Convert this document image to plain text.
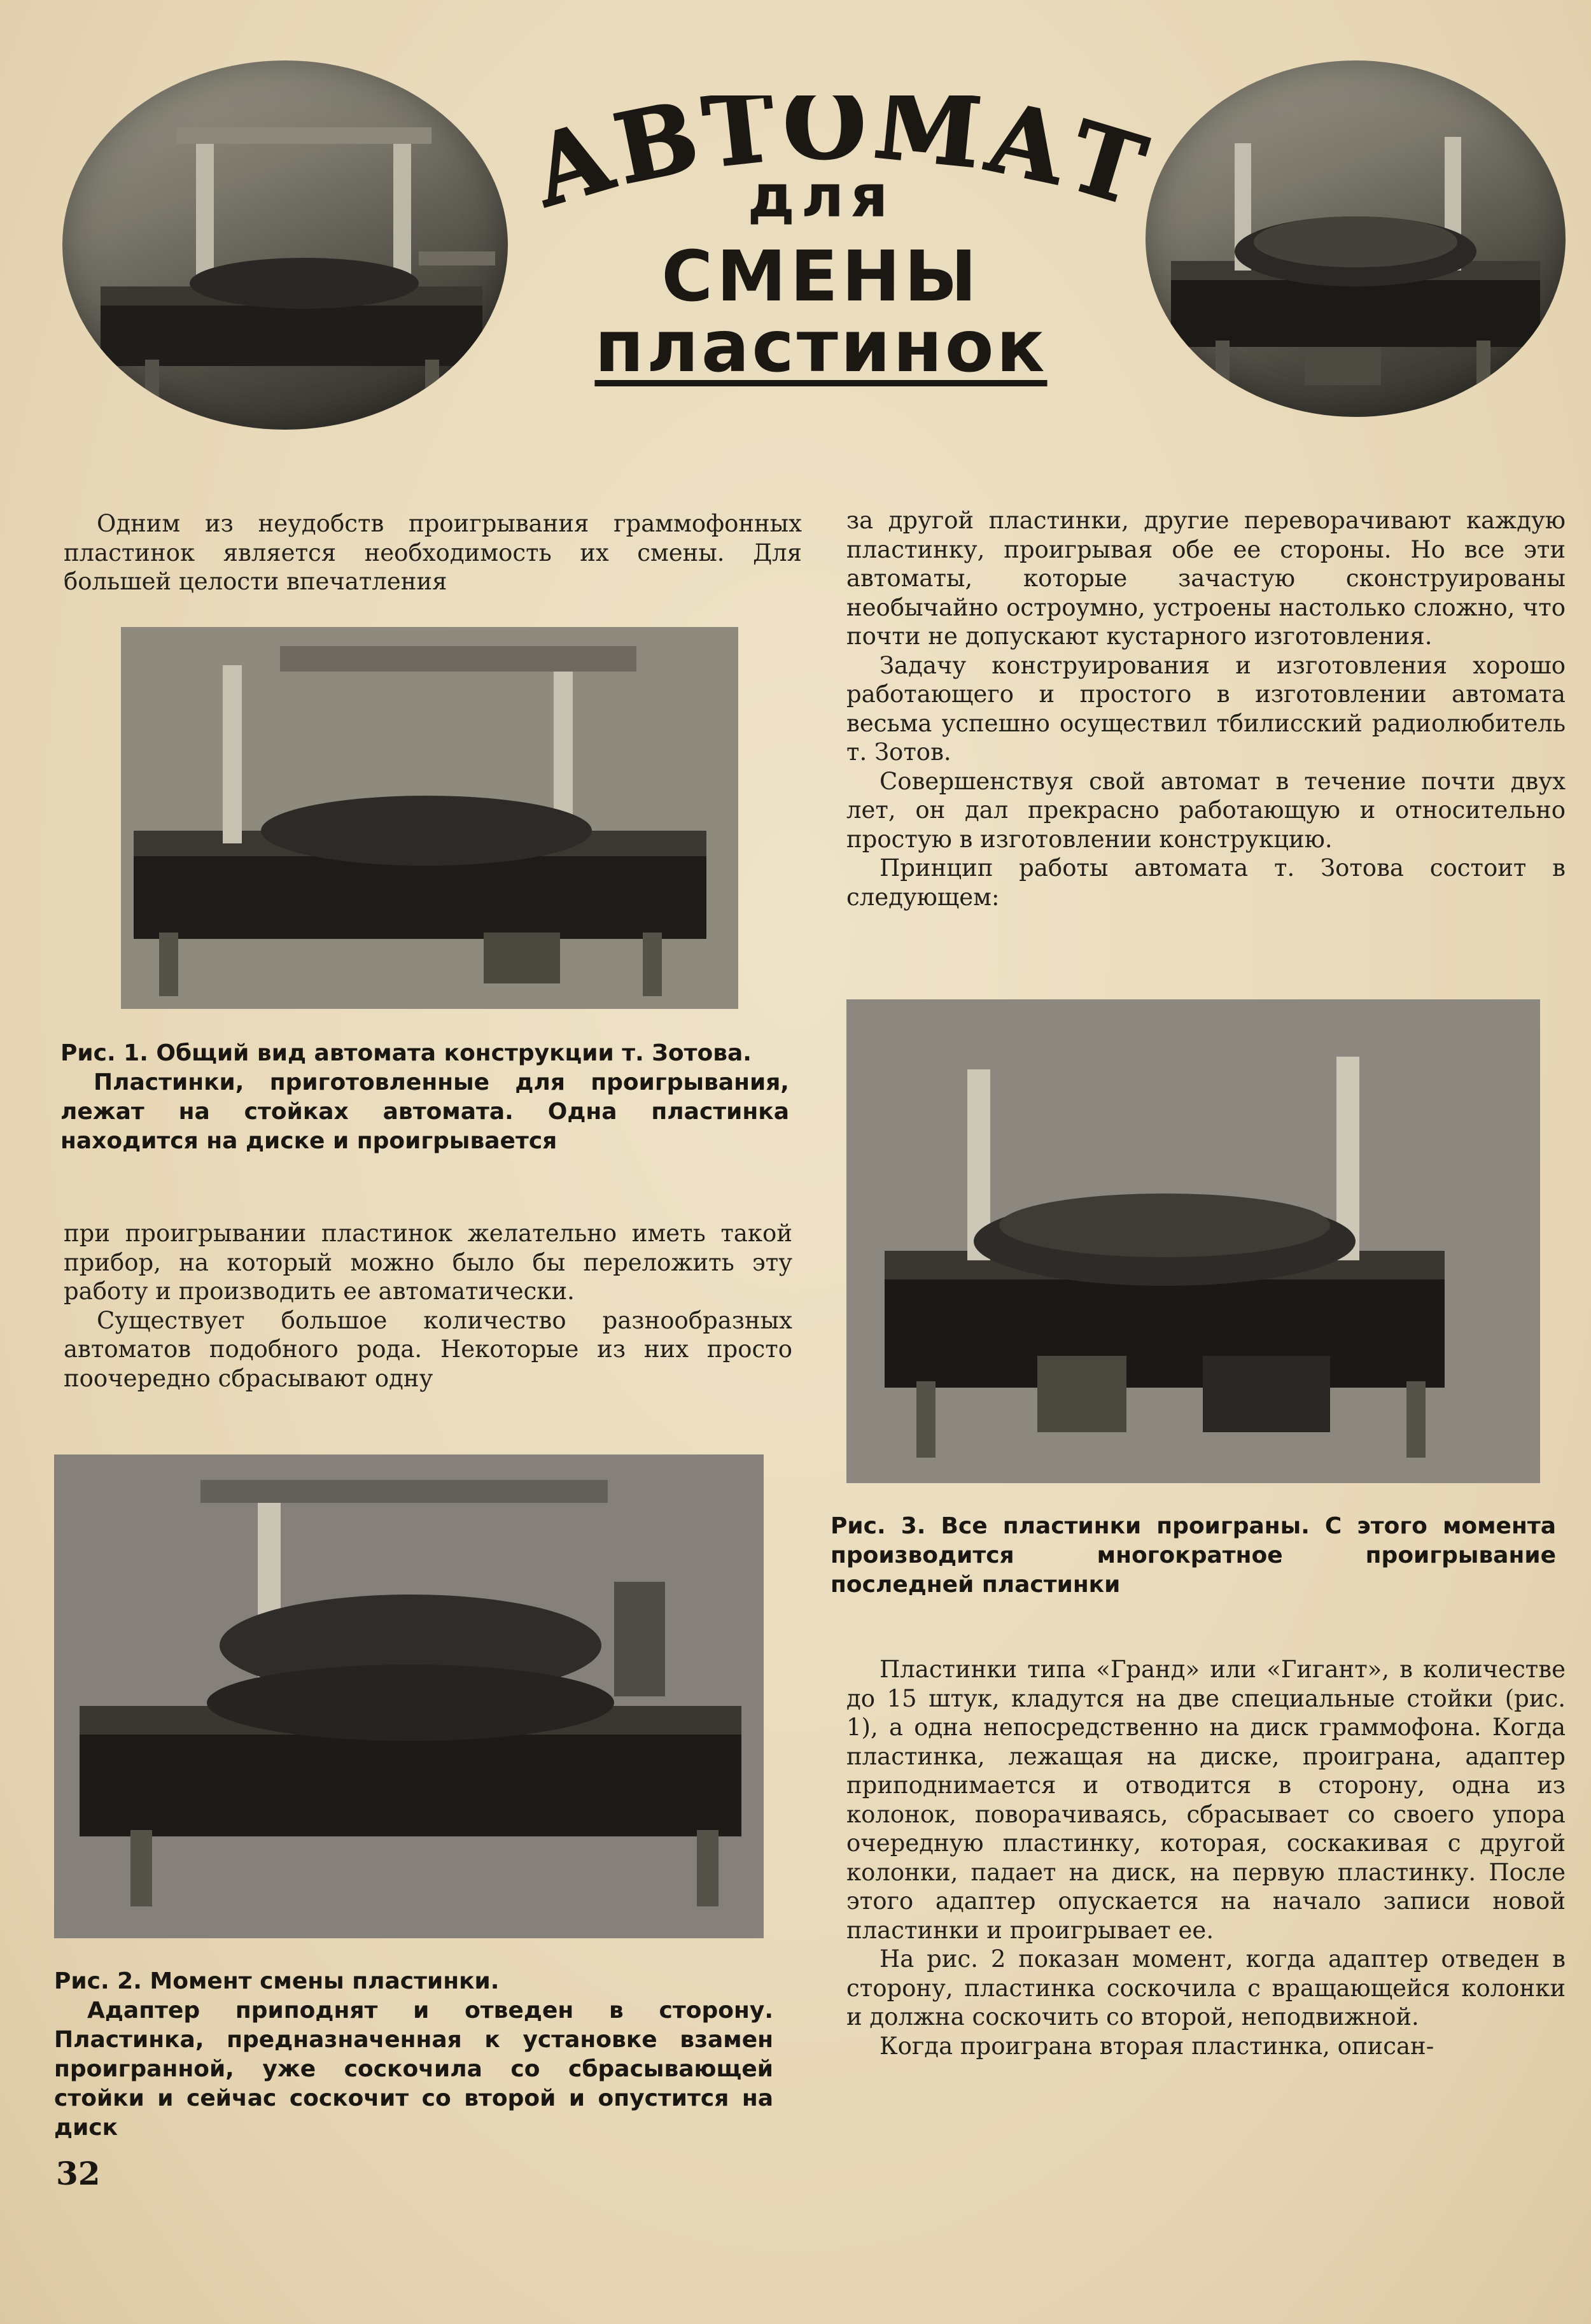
АВТОМАТ
для
СМЕНЫ
пластинок

Одним из неудобств проигрывания граммофонных пластинок является необходимость их смены. Для большей целости впечатления

Рис. 1. Общий вид автомата конструкции т. Зотова.

Пластинки, приготовленные для проигрывания, лежат на стойках автомата. Одна пластинка находится на диске и проигрывается

при проигрывании пластинок желательно иметь такой прибор, на который можно было бы переложить эту работу и производить ее автоматически.

Существует большое количество разнообразных автоматов подобного рода. Некоторые из них просто поочередно сбрасывают одну

Рис. 2. Момент смены пластинки.

Адаптер приподнят и отведен в сторону. Пластинка, предназначенная к установке взамен проигранной, уже соскочила со сбрасывающей стойки и сейчас соскочит со второй и опустится на диск

за другой пластинки, другие переворачивают каждую пластинку, проигрывая обе ее стороны. Но все эти автоматы, которые зачастую сконструированы необычайно остроумно, устроены настолько сложно, что почти не допускают кустарного изготовления.

Задачу конструирования и изготовления хорошо работающего и простого в изготовлении автомата весьма успешно осуществил тбилисский радиолюбитель т. Зотов.

Совершенствуя свой автомат в течение почти двух лет, он дал прекрасно работающую и относительно простую в изготовлении конструкцию.

Принцип работы автомата т. Зотова состоит в следующем:

Рис. 3. Все пластинки проиграны. С этого момента производится многократное проигрывание последней пластинки

Пластинки типа «Гранд» или «Гигант», в количестве до 15 штук, кладутся на две специальные стойки (рис. 1), а одна непосредственно на диск граммофона. Когда пластинка, лежащая на диске, проиграна, адаптер приподнимается и отводится в сторону, одна из колонок, поворачиваясь, сбрасывает со своего упора очередную пластинку, которая, соскакивая с другой колонки, падает на диск, на первую пластинку. После этого адаптер опускается на начало записи новой пластинки и проигрывает ее.

На рис. 2 показан момент, когда адаптер отведен в сторону, пластинка соскочила с вращающейся колонки и должна соскочить со второй, неподвижной.

Когда проиграна вторая пластинка, описан-

32
